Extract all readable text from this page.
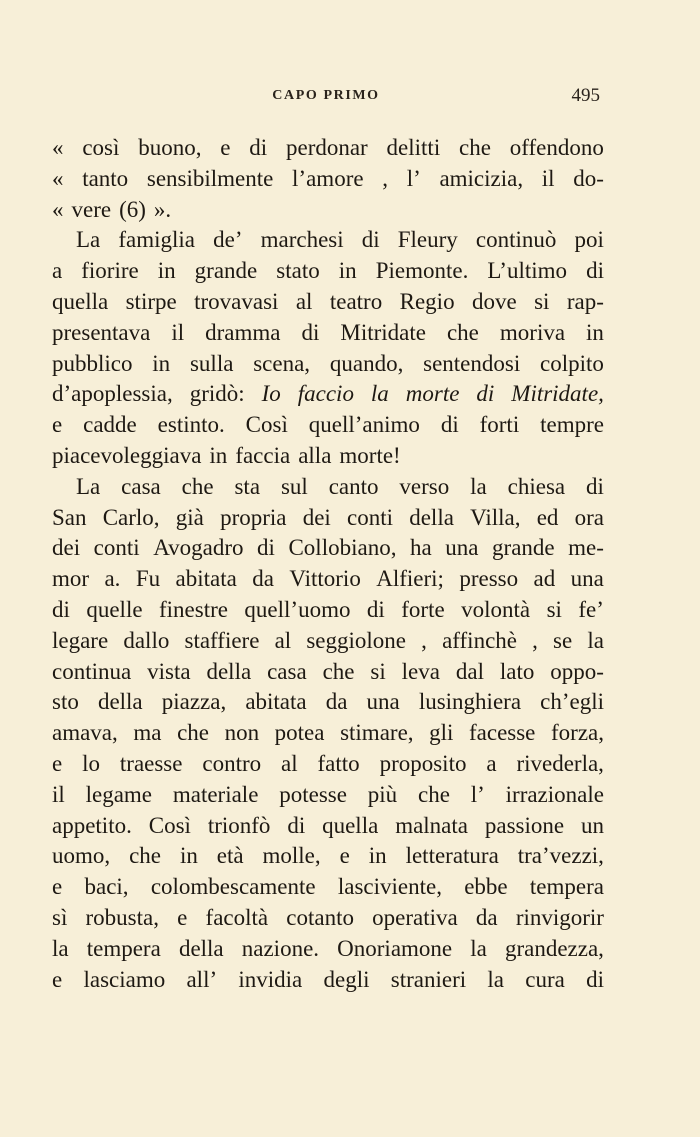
CAPO PRIMO	495
« così buono, e di perdonar delitti che offendono
« tanto sensibilmente l’amore , l’ amicizia, il do-
« vere (6) ».
La famiglia de’ marchesi di Fleury continuò poi
a fiorire in grande stato in Piemonte. L’ultimo di
quella stirpe trovavasi al teatro Regio dove si rap-
presentava il dramma di Mitridate che moriva in
pubblico in sulla scena, quando, sentendosi colpito
d’apoplessia, gridò: Io faccio la morte di Mitridate,
e cadde estinto. Così quell’animo di forti tempre
piacevoleggiava in faccia alla morte!
La casa che sta sul canto verso la chiesa di
San Carlo, già propria dei conti della Villa, ed ora
dei conti Avogadro di Collobiano, ha una grande me-
mor a. Fu abitata da Vittorio Alfieri; presso ad una
di quelle finestre quell’uomo di forte volontà si fe’
legare dallo staffiere al seggiolone , affinchè , se la
continua vista della casa che si leva dal lato oppo-
sto della piazza, abitata da una lusinghiera ch’egli
amava, ma che non potea stimare, gli facesse forza,
e lo traesse contro al fatto proposito a rivederla,
il legame materiale potesse più che l’ irrazionale
appetito. Così trionfò di quella malnata passione un
uomo, che in età molle, e in letteratura tra’vezzi,
e baci, colombescamente lasciviente, ebbe tempera
sì robusta, e facoltà cotanto operativa da rinvigorir
la tempera della nazione. Onoriamone la grandezza,
e lasciamo all’ invidia degli stranieri la cura di
